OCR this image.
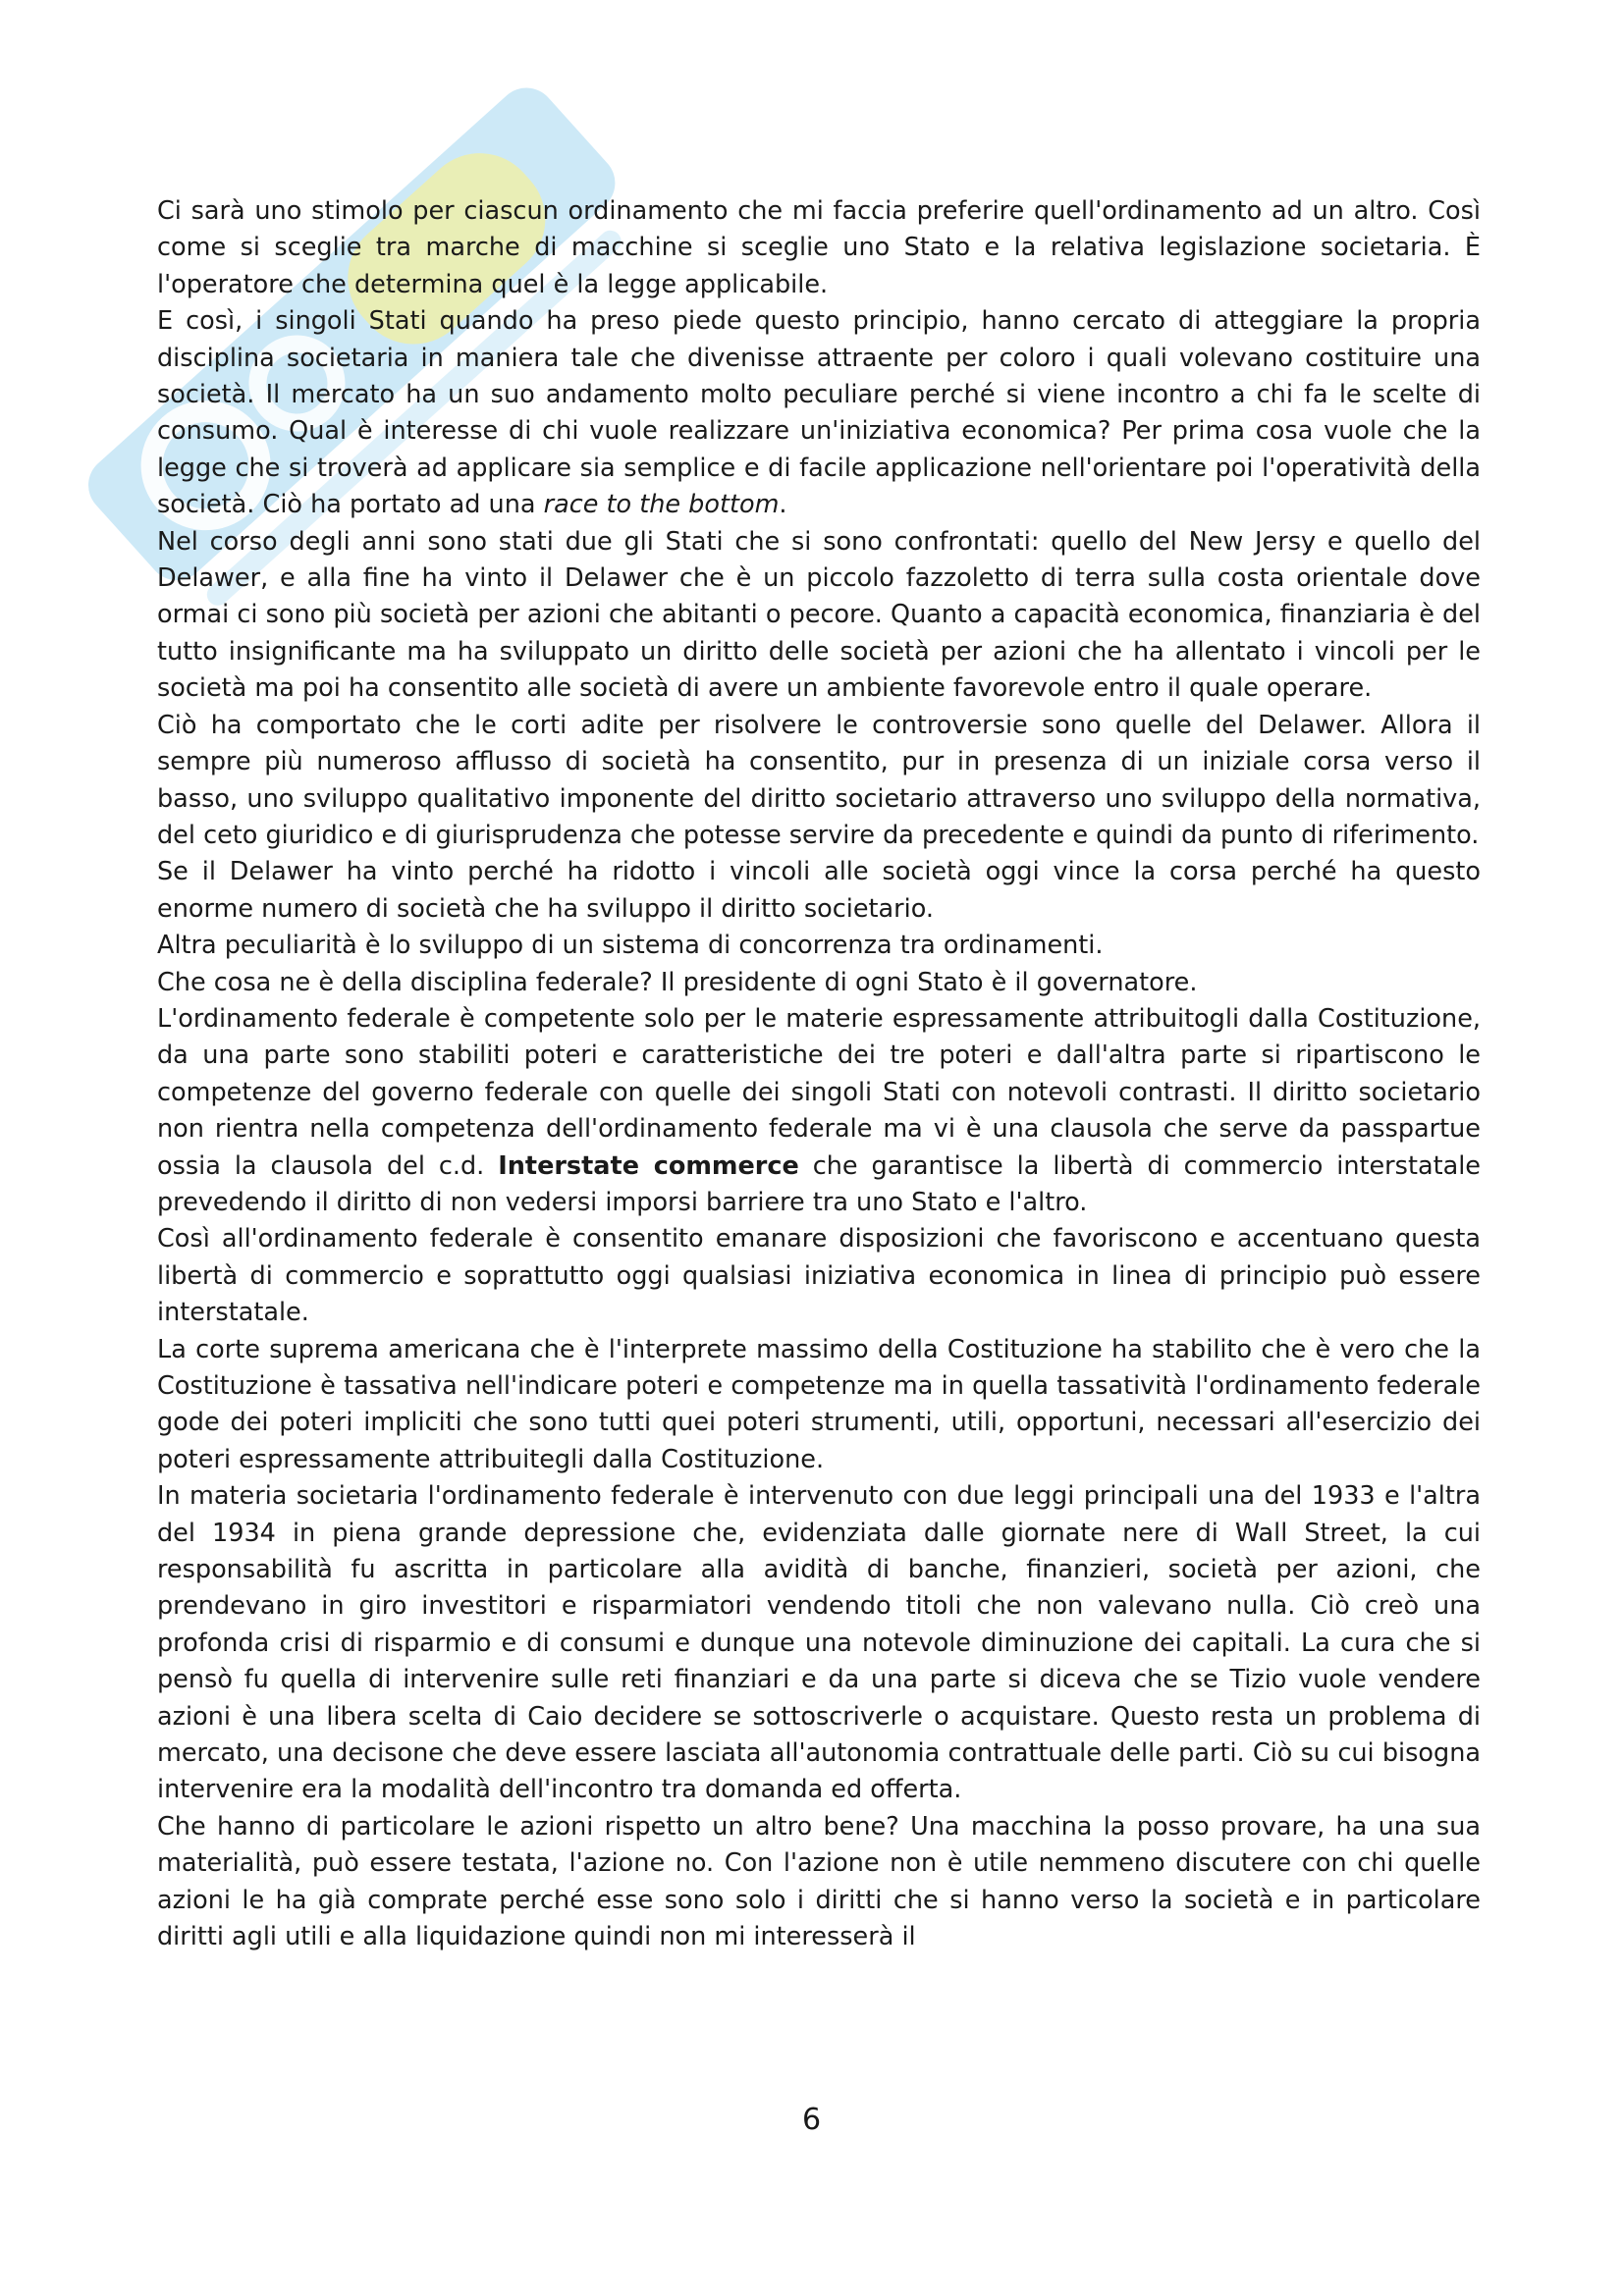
Ci sarà uno stimolo per ciascun ordinamento che mi faccia preferire quell'ordinamento ad un altro. Così come si sceglie tra marche di macchine si sceglie uno Stato e la relativa legislazione societaria. È l'operatore che determina quel è la legge applicabile.

E così, i singoli Stati quando ha preso piede questo principio, hanno cercato di atteggiare la propria disciplina societaria in maniera tale che divenisse attraente per coloro i quali volevano costituire una società. Il mercato ha un suo andamento molto peculiare perché si viene incontro a chi fa le scelte di consumo. Qual è interesse di chi vuole realizzare un'iniziativa economica? Per prima cosa vuole che la legge che si troverà ad applicare sia semplice e di facile applicazione nell'orientare poi l'operatività della società. Ciò ha portato ad una race to the bottom.

Nel corso degli anni sono stati due gli Stati che si sono confrontati: quello del New Jersy e quello del Delawer, e alla fine ha vinto il Delawer che è un piccolo fazzoletto di terra sulla costa orientale dove ormai ci sono più società per azioni che abitanti o pecore. Quanto a capacità economica, finanziaria è del tutto insignificante ma ha sviluppato un diritto delle società per azioni che ha allentato i vincoli per le società ma poi ha consentito alle società di avere un ambiente favorevole entro il quale operare.

Ciò ha comportato che le corti adite per risolvere le controversie sono quelle del Delawer. Allora il sempre più numeroso afflusso di società ha consentito, pur in presenza di un iniziale corsa verso il basso, uno sviluppo qualitativo imponente del diritto societario attraverso uno sviluppo della normativa, del ceto giuridico e di giurisprudenza che potesse servire da precedente e quindi da punto di riferimento.

Se il Delawer ha vinto perché ha ridotto i vincoli alle società oggi vince la corsa perché ha questo enorme numero di società che ha sviluppo il diritto societario.

Altra peculiarità è lo sviluppo di un sistema di concorrenza tra ordinamenti.

Che cosa ne è della disciplina federale? Il presidente di ogni Stato è il governatore.

L'ordinamento federale è competente solo per le materie espressamente attribuitogli dalla Costituzione, da una parte sono stabiliti poteri e caratteristiche dei tre poteri e dall'altra parte si ripartiscono le competenze del governo federale con quelle dei singoli Stati con notevoli contrasti. Il diritto societario non rientra nella competenza dell'ordinamento federale ma vi è una clausola che serve da passpartue ossia la clausola del c.d. Interstate commerce che garantisce la libertà di commercio interstatale prevedendo il diritto di non vedersi imporsi barriere tra uno Stato e l'altro.

Così all'ordinamento federale è consentito emanare disposizioni che favoriscono e accentuano questa libertà di commercio e soprattutto oggi qualsiasi iniziativa economica in linea di principio può essere interstatale.

La corte suprema americana che è l'interprete massimo della Costituzione ha stabilito che è vero che la Costituzione è tassativa nell'indicare poteri e competenze ma in quella tassatività l'ordinamento federale gode dei poteri impliciti che sono tutti quei poteri strumenti, utili, opportuni, necessari all'esercizio dei poteri espressamente attribuitegli dalla Costituzione.

In materia societaria l'ordinamento federale è intervenuto con due leggi principali una del 1933 e l'altra del 1934 in piena grande depressione che, evidenziata dalle giornate nere di Wall Street, la cui responsabilità fu ascritta in particolare alla avidità di banche, finanzieri, società per azioni, che prendevano in giro investitori e risparmiatori vendendo titoli che non valevano nulla. Ciò creò una profonda crisi di risparmio e di consumi e dunque una notevole diminuzione dei capitali. La cura che si pensò fu quella di intervenire sulle reti finanziari e da una parte si diceva che se Tizio vuole vendere azioni è una libera scelta di Caio decidere se sottoscriverle o acquistare. Questo resta un problema di mercato, una decisone che deve essere lasciata all'autonomia contrattuale delle parti. Ciò su cui bisogna intervenire era la modalità dell'incontro tra domanda ed offerta.

Che hanno di particolare le azioni rispetto un altro bene? Una macchina la posso provare, ha una sua materialità, può essere testata, l'azione no. Con l'azione non è utile nemmeno discutere con chi quelle azioni le ha già comprate perché esse sono solo i diritti che si hanno verso la società e in particolare diritti agli utili e alla liquidazione quindi non mi interesserà il

6
